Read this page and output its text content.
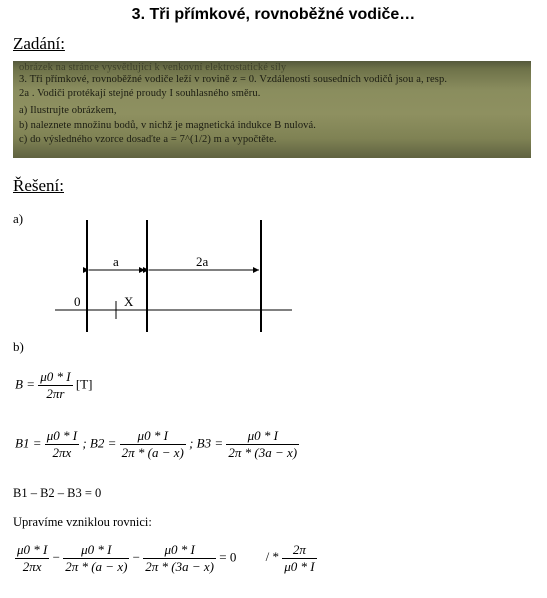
3. Tři přímkové, rovnoběžné vodiče…
Zadání:
obrázek na stránce vysvětlující k venkovní elektrostatické síly
3. Tři přímkové, rovnoběžné vodiče leží v rovině z = 0. Vzdálenosti sousedních vodičů jsou a, resp.
2a . Vodiči protékají stejné proudy I souhlasného směru.
a) Ilustrujte obrázkem,
b) naleznete množinu bodů, v nichž je magnetická indukce B nulová.
c) do výsledného vzorce dosaďte a = 7^(1/2) m a vypočtěte.
Řešení:
a)
a	2a
0	X
b)
$B = \frac{\mu 0 * I}{2\pi r} [T]$
$B1 = \frac{\mu 0 * I}{2\pi x}$ ; $B2 = \frac{\mu 0 * I}{2\pi * (a - x)}$ ; $B3 = \frac{\mu 0 * I}{2\pi * (3a - x)}$
B1 – B2 – B3 = 0
Upravíme vzniklou rovnici:
$\frac{\mu 0 * I}{2\pi x} - \frac{\mu 0 * I}{2\pi * (a - x)} - \frac{\mu 0 * I}{2\pi * (3a - x)} = 0$ / * $\frac{2\pi}{\mu 0 * I}$
